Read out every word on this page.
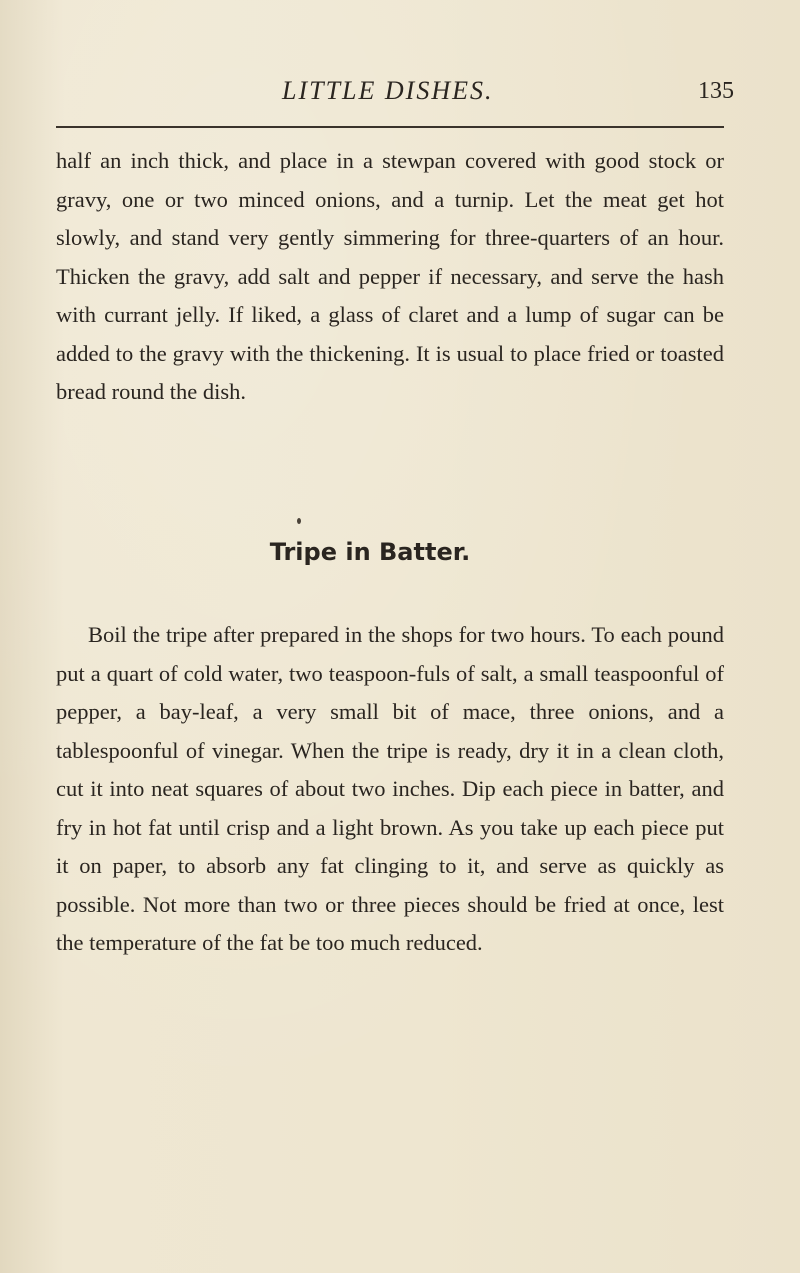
LITTLE DISHES.	135

half an inch thick, and place in a stewpan covered with good stock or gravy, one or two minced onions, and a turnip. Let the meat get hot slowly, and stand very gently simmering for three-quarters of an hour. Thicken the gravy, add salt and pepper if necessary, and serve the hash with currant jelly. If liked, a glass of claret and a lump of sugar can be added to the gravy with the thickening. It is usual to place fried or toasted bread round the dish.

Tripe in Batter.

Boil the tripe after prepared in the shops for two hours. To each pound put a quart of cold water, two teaspoon-fuls of salt, a small teaspoonful of pepper, a bay-leaf, a very small bit of mace, three onions, and a tablespoonful of vinegar. When the tripe is ready, dry it in a clean cloth, cut it into neat squares of about two inches. Dip each piece in batter, and fry in hot fat until crisp and a light brown. As you take up each piece put it on paper, to absorb any fat clinging to it, and serve as quickly as possible. Not more than two or three pieces should be fried at once, lest the temperature of the fat be too much reduced.
